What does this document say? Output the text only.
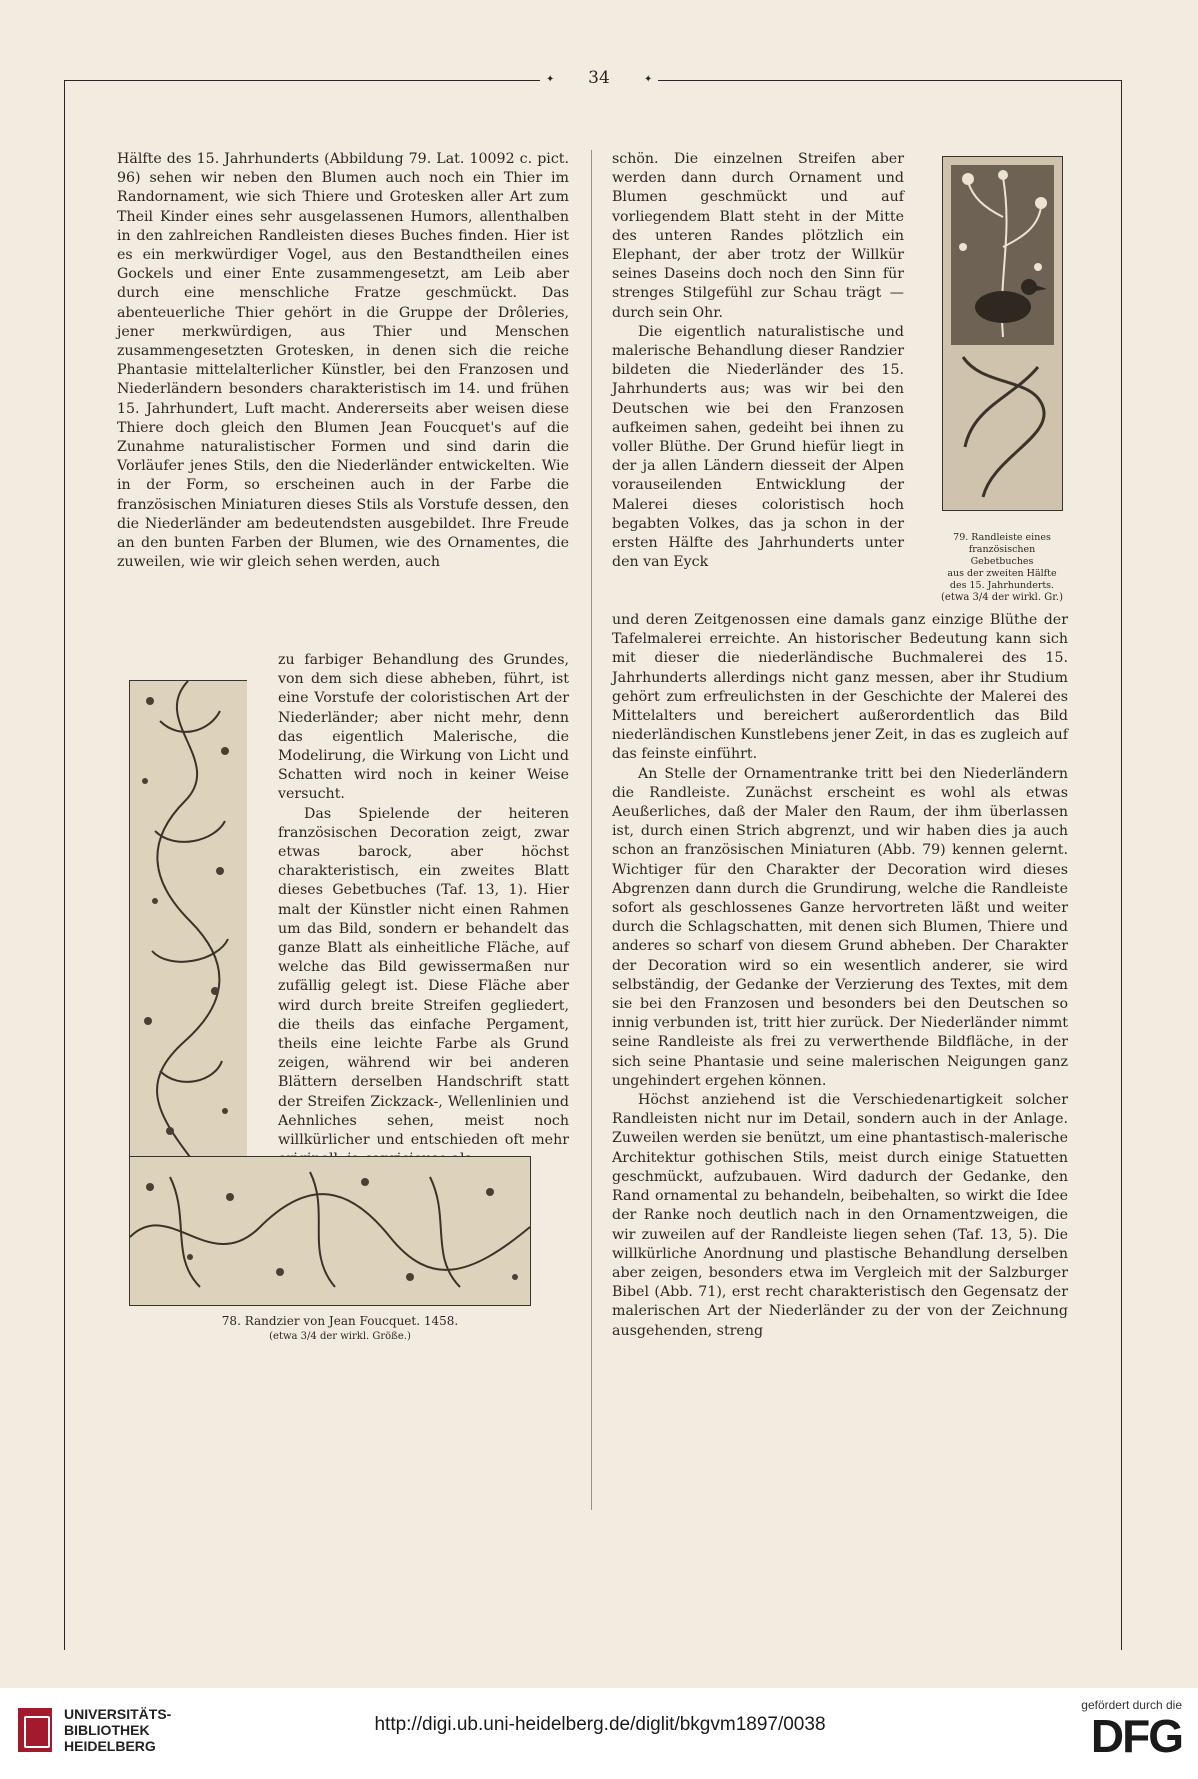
✦	✦
34

Hälfte des 15. Jahrhunderts (Abbildung 79. Lat. 10092 c. pict. 96) sehen wir neben den Blumen auch noch ein Thier im Randornament, wie sich Thiere und Grotesken aller Art zum Theil Kinder eines sehr ausgelassenen Humors, allenthalben in den zahlreichen Randleisten dieses Buches finden. Hier ist es ein merkwürdiger Vogel, aus den Bestandtheilen eines Gockels und einer Ente zusammengesetzt, am Leib aber durch eine menschliche Fratze geschmückt. Das abenteuerliche Thier gehört in die Gruppe der Drôleries, jener merkwürdigen, aus Thier und Menschen zusammengesetzten Grotesken, in denen sich die reiche Phantasie mittelalterlicher Künstler, bei den Franzosen und Niederländern besonders charakteristisch im 14. und frühen 15. Jahrhundert, Luft macht. Andererseits aber weisen diese Thiere doch gleich den Blumen Jean Foucquet's auf die Zunahme naturalistischer Formen und sind darin die Vorläufer jenes Stils, den die Niederländer entwickelten. Wie in der Form, so erscheinen auch in der Farbe die französischen Miniaturen dieses Stils als Vorstufe dessen, den die Niederländer am bedeutendsten ausgebildet. Ihre Freude an den bunten Farben der Blumen, wie des Ornamentes, die zuweilen, wie wir gleich sehen werden, auch

zu farbiger Behandlung des Grundes, von dem sich diese abheben, führt, ist eine Vorstufe der coloristischen Art der Niederländer; aber nicht mehr, denn das eigentlich Malerische, die Modelirung, die Wirkung von Licht und Schatten wird noch in keiner Weise versucht.

Das Spielende der heiteren französischen Decoration zeigt, zwar etwas barock, aber höchst charakteristisch, ein zweites Blatt dieses Gebetbuches (Taf. 13, 1). Hier malt der Künstler nicht einen Rahmen um das Bild, sondern er behandelt das ganze Blatt als einheitliche Fläche, auf welche das Bild gewissermaßen nur zufällig gelegt ist. Diese Fläche aber wird durch breite Streifen gegliedert, die theils das einfache Pergament, theils eine leichte Farbe als Grund zeigen, während wir bei anderen Blättern derselben Handschrift statt der Streifen Zickzack-, Wellenlinien und Aehnliches sehen, meist noch willkürlicher und entschieden oft mehr

78. Randzier von Jean Foucquet. 1458.
(etwa 3/4 der wirkl. Größe.)

schön. Die einzelnen Streifen aber werden dann durch Ornament und Blumen geschmückt und auf vorliegendem Blatt steht in der Mitte des unteren Randes plötzlich ein Elephant, der aber trotz der Willkür seines Daseins doch noch den Sinn für strenges Stilgefühl zur Schau trägt — durch sein Ohr.

Die eigentlich naturalistische und malerische Behandlung dieser Randzier bildeten die Niederländer des 15. Jahrhunderts aus; was wir bei den Deutschen wie bei den Franzosen aufkeimen sahen, gedeiht bei ihnen zu voller Blüthe. Der Grund hiefür liegt in der ja allen Ländern diesseit der Alpen vorauseilenden Entwicklung der Malerei dieses coloristisch hoch begabten Volkes, das ja schon in der ersten Hälfte des Jahrhunderts unter den van Eyck

79. Randleiste eines
französischen Gebetbuches
aus der zweiten Hälfte
des 15. Jahrhunderts.
(etwa 3/4 der wirkl. Gr.)

und deren Zeitgenossen eine damals ganz einzige Blüthe der Tafelmalerei erreichte. An historischer Bedeutung kann sich mit dieser die niederländische Buchmalerei des 15. Jahrhunderts allerdings nicht ganz messen, aber ihr Studium gehört zum erfreulichsten in der Geschichte der Malerei des Mittelalters und bereichert außerordentlich das Bild niederländischen Kunstlebens jener Zeit, in das es zugleich auf das feinste einführt.

An Stelle der Ornamentranke tritt bei den Niederländern die Randleiste. Zunächst erscheint es wohl als etwas Aeußerliches, daß der Maler den Raum, der ihm überlassen ist, durch einen Strich abgrenzt, und wir haben dies ja auch schon an französischen Miniaturen (Abb. 79) kennen gelernt. Wichtiger für den Charakter der Decoration wird dieses Abgrenzen dann durch die Grundirung, welche die Randleiste sofort als geschlossenes Ganze hervortreten läßt und weiter durch die Schlagschatten, mit denen sich Blumen, Thiere und anderes so scharf von diesem Grund abheben. Der Charakter der Decoration wird so ein wesentlich anderer, sie wird selbständig, der Gedanke der Verzierung des Textes, mit dem sie bei den Franzosen und besonders bei den Deutschen so innig verbunden ist, tritt hier zurück. Der Niederländer nimmt seine Randleiste als frei zu verwerthende Bildfläche, in der sich seine Phantasie und seine malerischen Neigungen ganz ungehindert ergehen können.

Höchst anziehend ist die Verschiedenartigkeit solcher Randleisten nicht nur im Detail, sondern auch in der Anlage. Zuweilen werden sie benützt, um eine phantastisch-malerische Architektur gothischen Stils, meist durch einige Statuetten geschmückt, aufzubauen. Wird dadurch der Gedanke, den Rand ornamental zu behandeln, beibehalten, so wirkt die Idee der Ranke noch deutlich nach in den Ornamentzweigen, die wir zuweilen auf der Randleiste liegen sehen (Taf. 13, 5). Die willkürliche Anordnung und plastische Behandlung derselben aber zeigen, besonders etwa im Vergleich mit der Salzburger Bibel (Abb. 71), erst recht charakteristisch den Gegensatz der malerischen Art der Niederländer zu der von der Zeichnung ausgehenden, streng

UNIVERSITÄTS-
BIBLIOTHEK
HEIDELBERG
http://digi.ub.uni-heidelberg.de/diglit/bkgvm1897/0038
gefördert durch die
DFG
